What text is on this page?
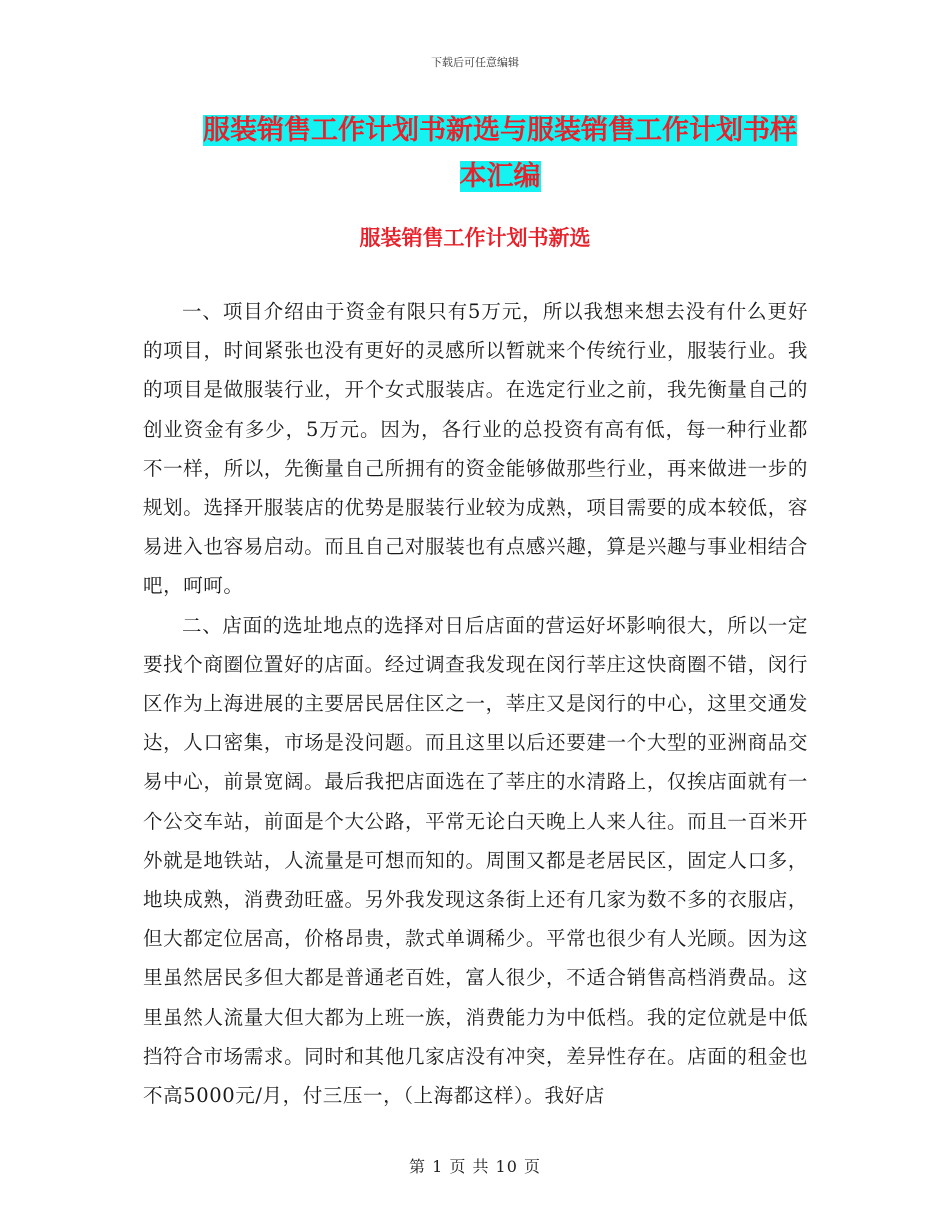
下载后可任意编辑
服装销售工作计划书新选与服装销售工作计划书样本汇编
服装销售工作计划书新选

一、项目介绍由于资金有限只有5万元，所以我想来想去没有什么更好的项目，时间紧张也没有更好的灵感所以暂就来个传统行业，服装行业。我的项目是做服装行业，开个女式服装店。在选定行业之前，我先衡量自己的创业资金有多少，5万元。因为，各行业的总投资有高有低，每一种行业都不一样，所以，先衡量自己所拥有的资金能够做那些行业，再来做进一步的规划。选择开服装店的优势是服装行业较为成熟，项目需要的成本较低，容易进入也容易启动。而且自己对服装也有点感兴趣，算是兴趣与事业相结合吧，呵呵。

二、店面的选址地点的选择对日后店面的营运好坏影响很大，所以一定要找个商圈位置好的店面。经过调查我发现在闵行莘庄这快商圈不错，闵行区作为上海进展的主要居民居住区之一，莘庄又是闵行的中心，这里交通发达，人口密集，市场是没问题。而且这里以后还要建一个大型的亚洲商品交易中心，前景宽阔。最后我把店面选在了莘庄的水清路上，仅挨店面就有一个公交车站，前面是个大公路，平常无论白天晚上人来人往。而且一百米开外就是地铁站，人流量是可想而知的。周围又都是老居民区，固定人口多，地块成熟，消费劲旺盛。另外我发现这条街上还有几家为数不多的衣服店，但大都定位居高，价格昂贵，款式单调稀少。平常也很少有人光顾。因为这里虽然居民多但大都是普通老百姓，富人很少，不适合销售高档消费品。这里虽然人流量大但大都为上班一族，消费能力为中低档。我的定位就是中低挡符合市场需求。同时和其他几家店没有冲突，差异性存在。店面的租金也不高5000元/月，付三压一，（上海都这样）。我好店

第 1 页 共 10 页
